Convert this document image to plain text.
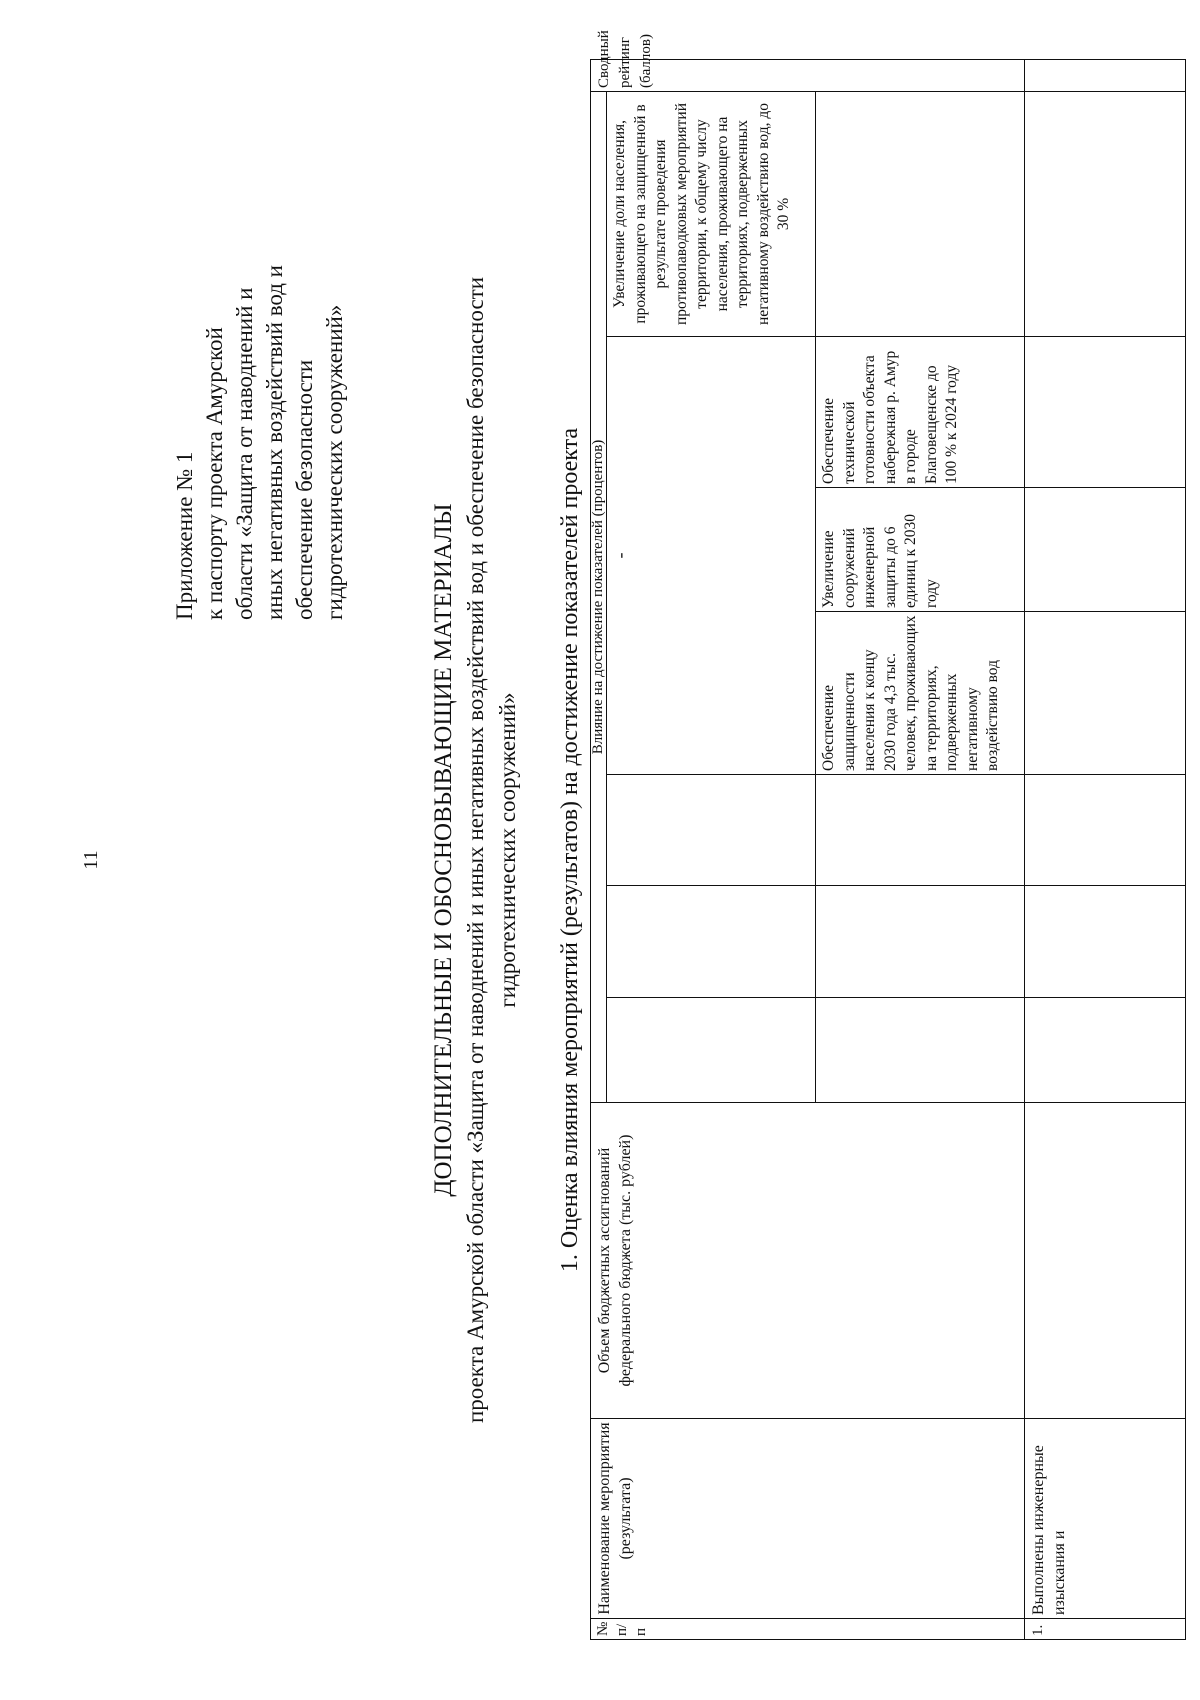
11
Приложение № 1 к паспорту проекта Амурской области «Защита от наводнений и иных негативных воздействий вод и обеспечение безопасности гидротехнических сооружений»
ДОПОЛНИТЕЛЬНЫЕ И ОБОСНОВЫВАЮЩИЕ МАТЕРИАЛЫ проекта Амурской области «Защита от наводнений и иных негативных воздействий вод и обеспечение безопасности гидротехнических сооружений» 1. Оценка влияния мероприятий (результатов) на достижение показателей проекта
№ п/п
Наименование мероприятия (результата)
Объем бюджетных ассигнований федерального бюджета (тыс. рублей)
Влияние на достижение показателей (процентов) -
Увеличение доли населения, проживающего на защищенной в результате проведения противопаводковых мероприятий территории, к общему числу населения, проживающего на территориях, подверженных негативному воздействию вод, до 30 %
Обеспечение защищенности населения к концу 2030 года 4,3 тыс. человек, проживающих на территориях, подверженных негативному воздействию вод
Увеличение сооружений инженерной защиты до 6 единиц к 2030 году
Обеспечение технической готовности объекта набережная р. Амур в городе Благовещенске до 100 % к 2024 году
Сводный рейтинг (баллов)
1.
Выполнены инженерные изыскания и
